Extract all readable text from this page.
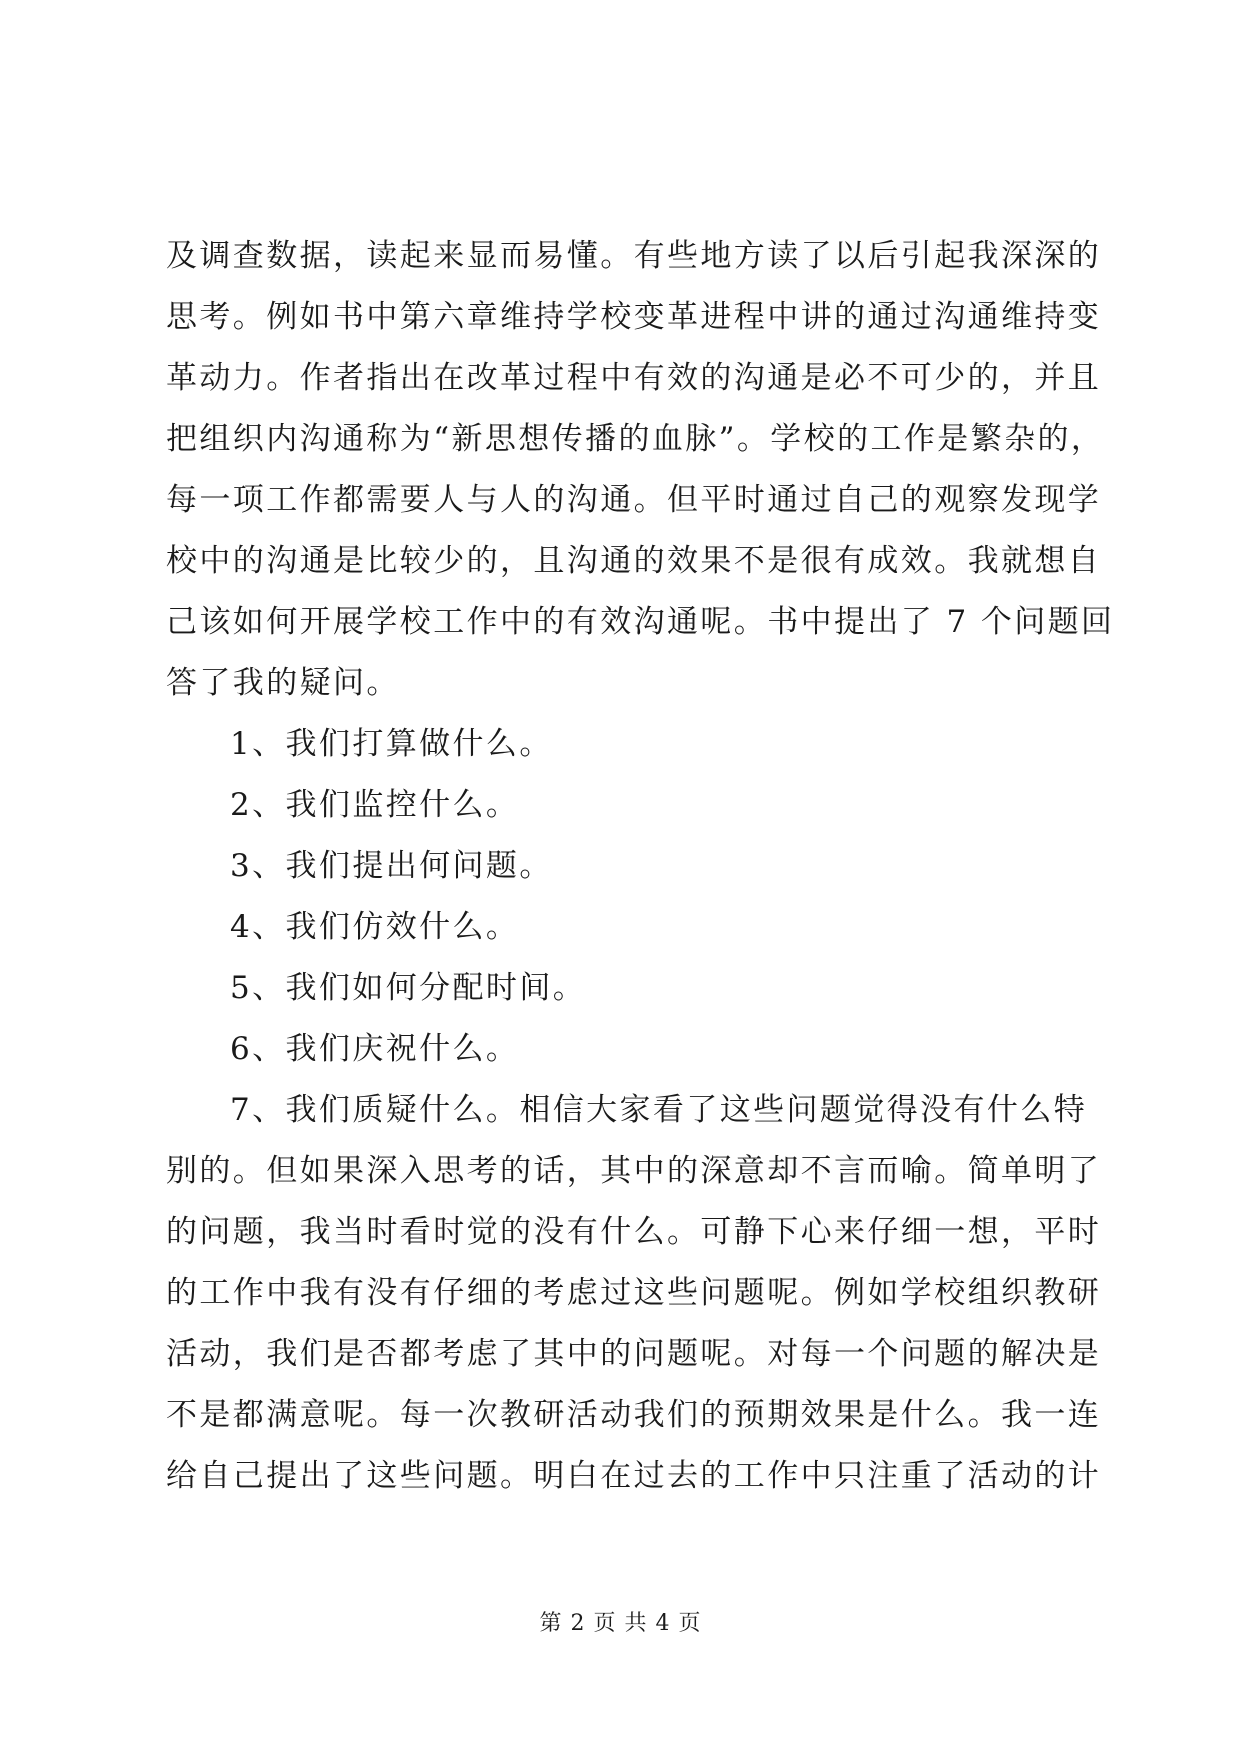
及调查数据，读起来显而易懂。有些地方读了以后引起我深深的
思考。例如书中第六章维持学校变革进程中讲的通过沟通维持变
革动力。作者指出在改革过程中有效的沟通是必不可少的，并且
把组织内沟通称为“新思想传播的血脉”。学校的工作是繁杂的，
每一项工作都需要人与人的沟通。但平时通过自己的观察发现学
校中的沟通是比较少的，且沟通的效果不是很有成效。我就想自
己该如何开展学校工作中的有效沟通呢。书中提出了 7 个问题回
答了我的疑问。
1、我们打算做什么。
2、我们监控什么。
3、我们提出何问题。
4、我们仿效什么。
5、我们如何分配时间。
6、我们庆祝什么。
7、我们质疑什么。相信大家看了这些问题觉得没有什么特
别的。但如果深入思考的话，其中的深意却不言而喻。简单明了
的问题，我当时看时觉的没有什么。可静下心来仔细一想，平时
的工作中我有没有仔细的考虑过这些问题呢。例如学校组织教研
活动，我们是否都考虑了其中的问题呢。对每一个问题的解决是
不是都满意呢。每一次教研活动我们的预期效果是什么。我一连
给自己提出了这些问题。明白在过去的工作中只注重了活动的计
第 2 页 共 4 页
